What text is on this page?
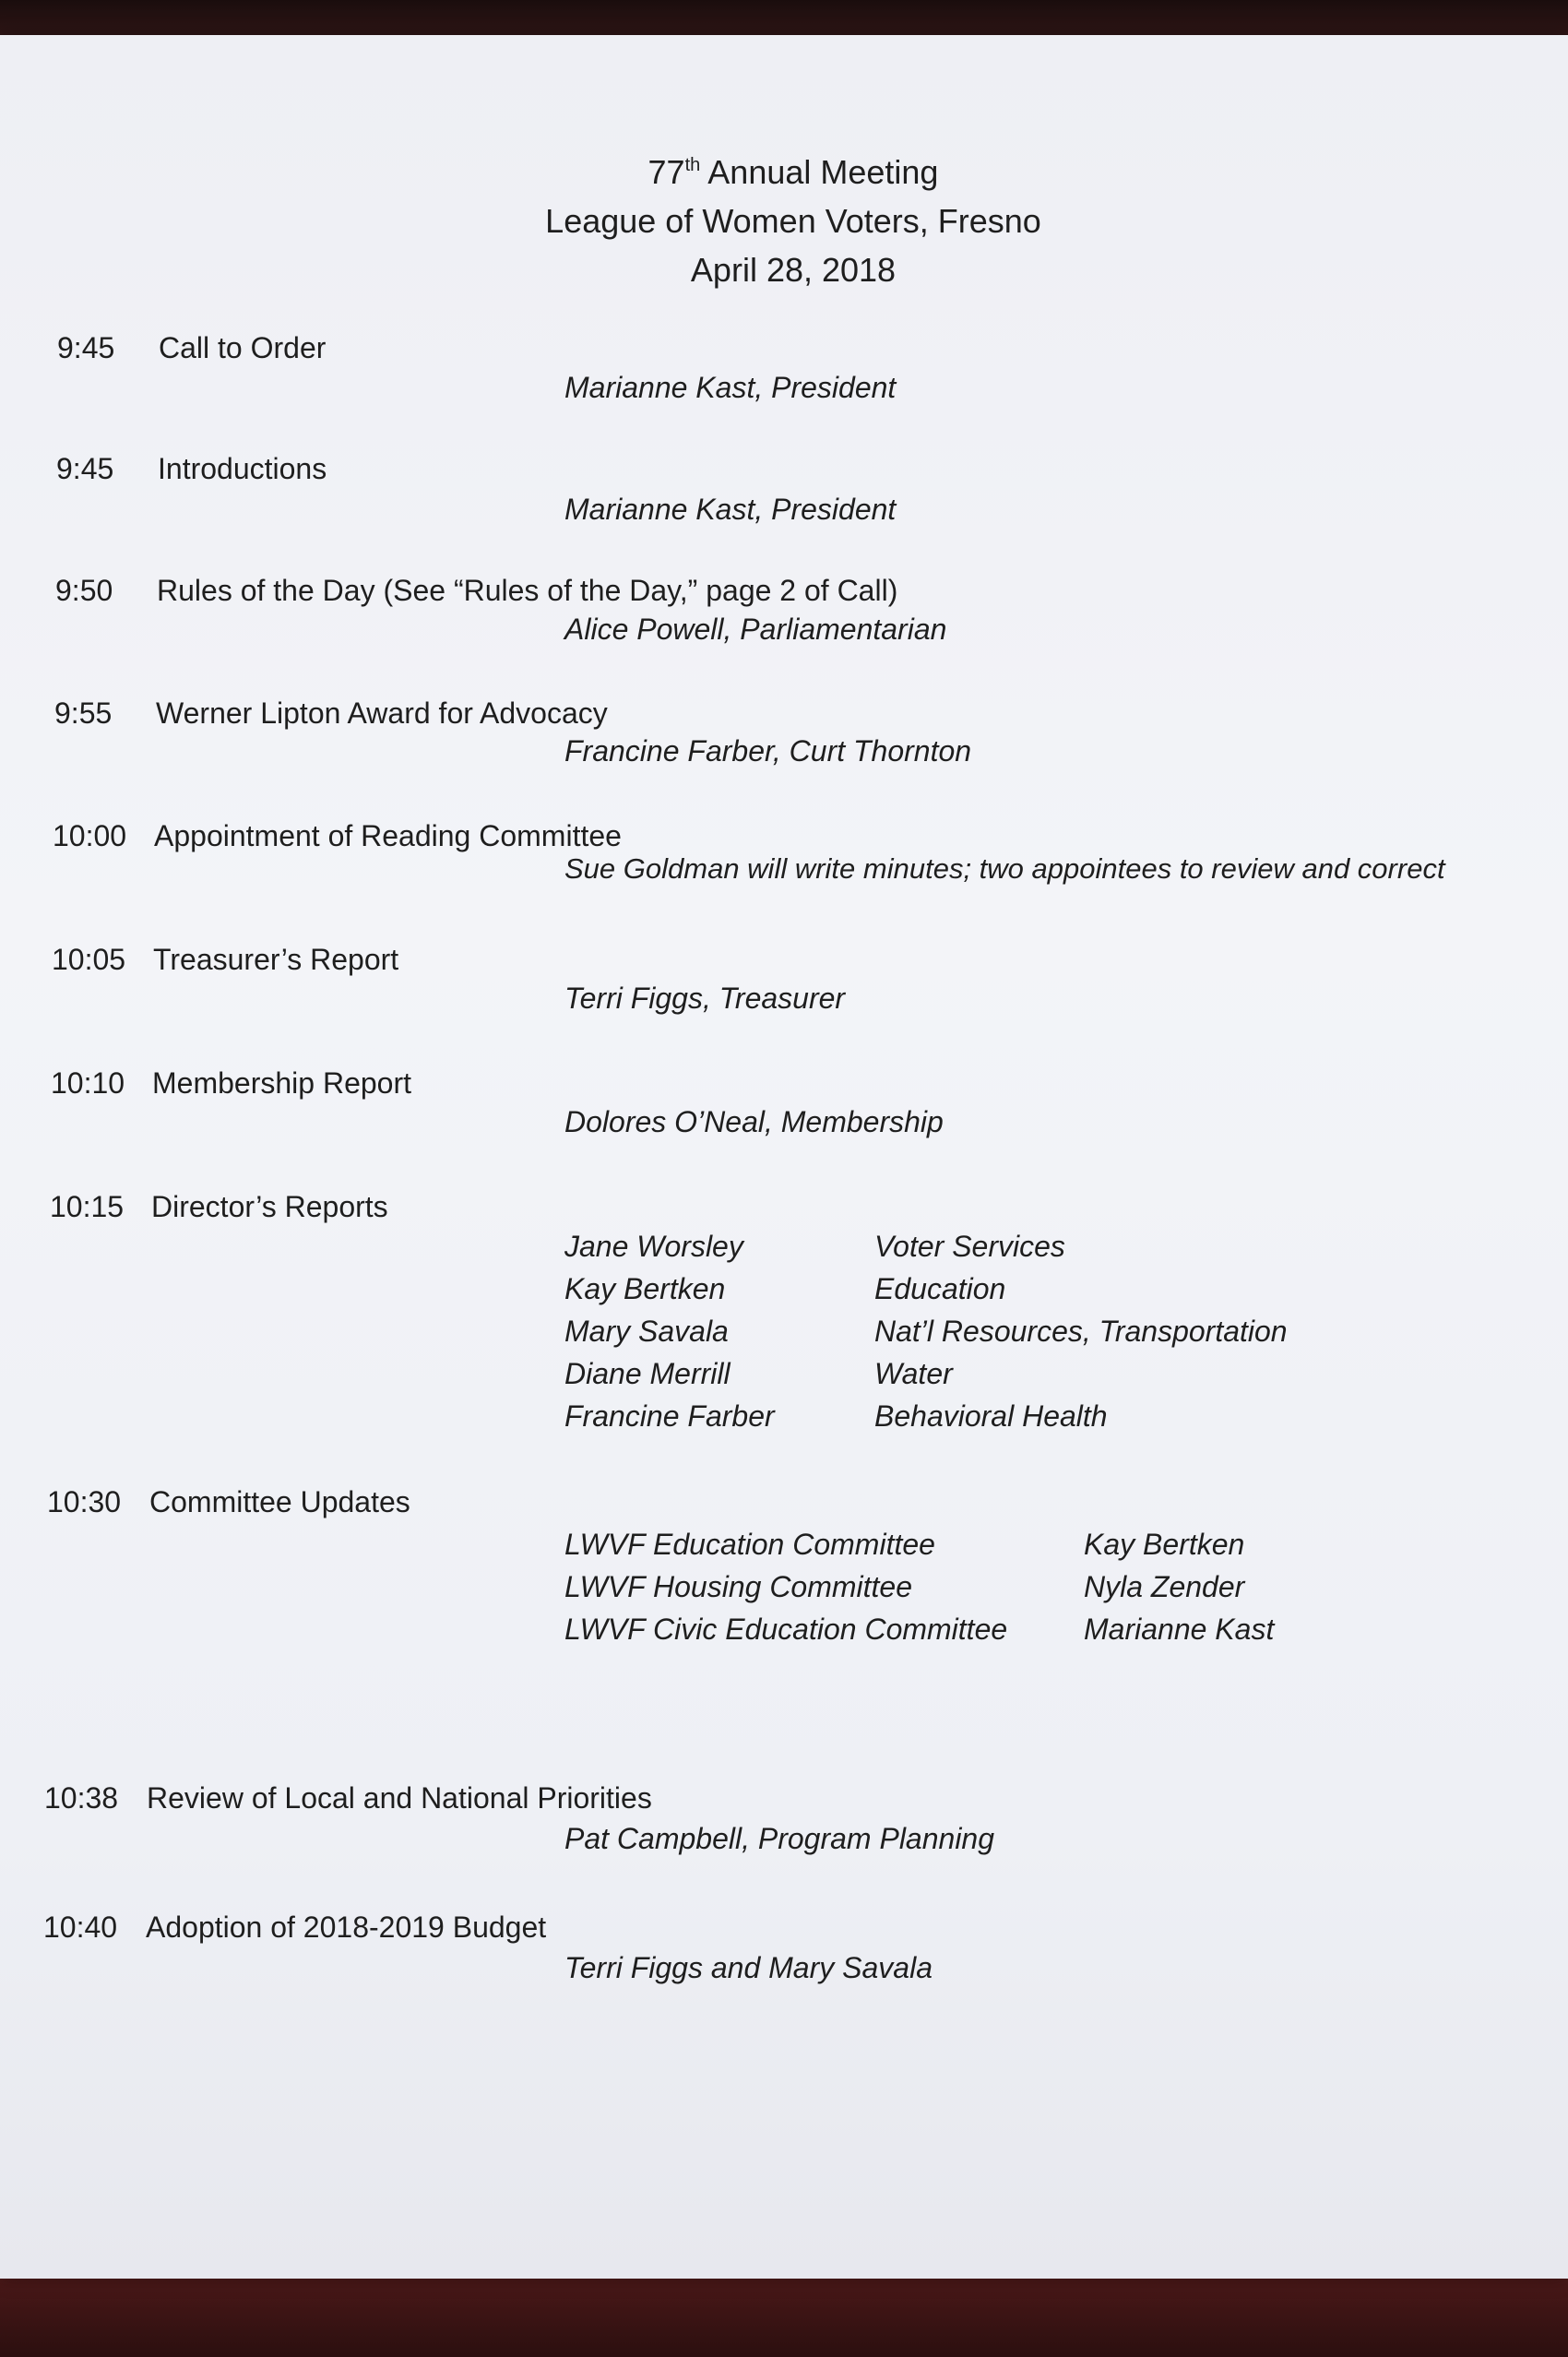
77th Annual Meeting
League of Women Voters, Fresno
April 28, 2018
9:45 Call to Order
Marianne Kast, President
9:45 Introductions
Marianne Kast, President
9:50 Rules of the Day (See “Rules of the Day,” page 2 of Call)
Alice Powell, Parliamentarian
9:55 Werner Lipton Award for Advocacy
Francine Farber, Curt Thornton
10:00 Appointment of Reading Committee
Sue Goldman will write minutes; two appointees to review and correct
10:05 Treasurer’s Report
Terri Figgs, Treasurer
10:10 Membership Report
Dolores O’Neal, Membership
10:15 Director’s Reports
Jane Worsley	Voter Services
Kay Bertken	Education
Mary Savala	Nat’l Resources, Transportation
Diane Merrill	Water
Francine Farber	Behavioral Health
10:30 Committee Updates
LWVF Education Committee	Kay Bertken
LWVF Housing Committee	Nyla Zender
LWVF Civic Education Committee	Marianne Kast
10:38 Review of Local and National Priorities
Pat Campbell, Program Planning
10:40 Adoption of 2018-2019 Budget
Terri Figgs and Mary Savala
